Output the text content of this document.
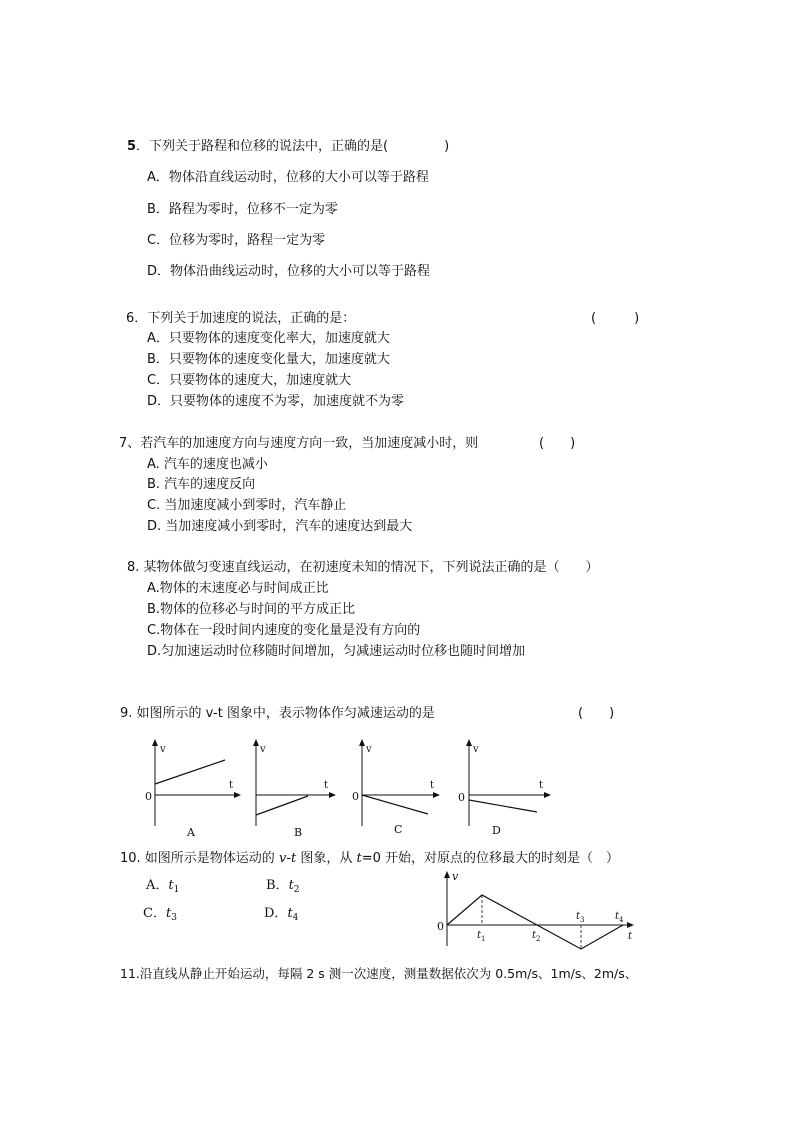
5．下列关于路程和位移的说法中，正确的是(	)
A．物体沿直线运动时，位移的大小可以等于路程
B．路程为零时，位移不一定为零
C．位移为零时，路程一定为零
D．物体沿曲线运动时，位移的大小可以等于路程
6．下列关于加速度的说法，正确的是：	(	)
A．只要物体的速度变化率大，加速度就大
B．只要物体的速度变化量大，加速度就大
C．只要物体的速度大，加速度就大
D．只要物体的速度不为零，加速度就不为零
7、若汽车的加速度方向与速度方向一致，当加速度减小时，则	(　　)
A. 汽车的速度也减小
B. 汽车的速度反向
C. 当加速度减小到零时，汽车静止
D. 当加速度减小到零时，汽车的速度达到最大
8. 某物体做匀变速直线运动，在初速度未知的情况下，下列说法正确的是（　　）
A.物体的末速度必与时间成正比
B.物体的位移必与时间的平方成正比
C.物体在一段时间内速度的变化量是没有方向的
D.匀加速运动时位移随时间增加，匀减速运动时位移也随时间增加
9. 如图所示的 v-t 图象中，表示物体作匀减速运动的是	(　　)
v
t
0
A
v
t
B
v
t
0
C
v
t
0
D
10. 如图所示是物体运动的 v-t 图象，从 t=0 开始，对原点的位移最大的时刻是（　）
A．$t_1$	B．$t_2$
C．$t_3$	D．$t_4$
v
t
0
$t_1$	$t_2$
$t_3$	$t_4$
11.沿直线从静止开始运动，每隔 2 s 测一次速度，测量数据依次为 0.5m/s、1m/s、2m/s、
